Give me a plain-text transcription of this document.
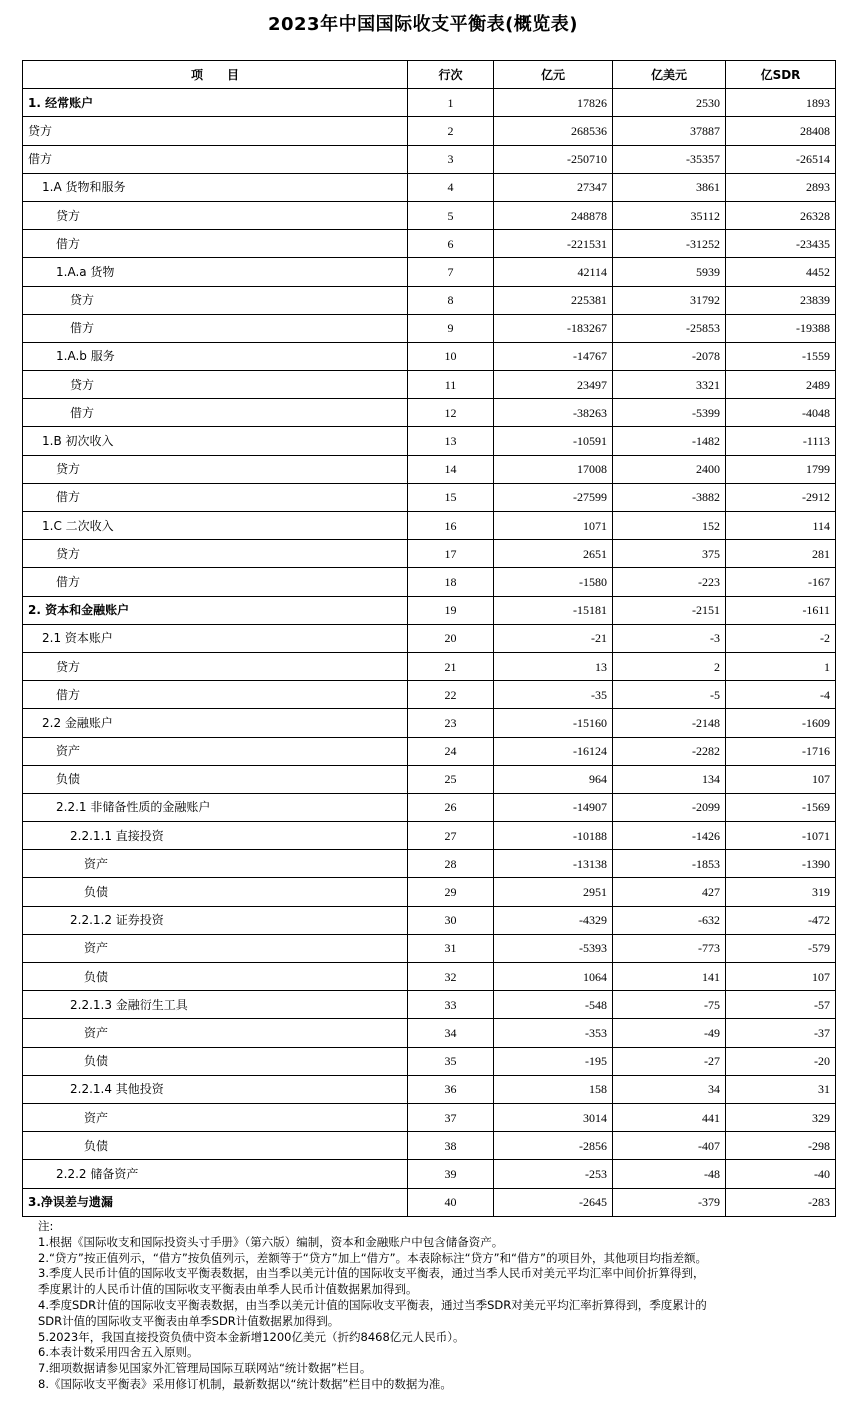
2023年中国国际收支平衡表(概览表)
项　　目	行次	亿元	亿美元	亿SDR
1. 经常账户	1	17826	2530	1893
贷方	2	268536	37887	28408
借方	3	-250710	-35357	-26514
1.A 货物和服务	4	27347	3861	2893
贷方	5	248878	35112	26328
借方	6	-221531	-31252	-23435
1.A.a 货物	7	42114	5939	4452
贷方	8	225381	31792	23839
借方	9	-183267	-25853	-19388
1.A.b 服务	10	-14767	-2078	-1559
贷方	11	23497	3321	2489
借方	12	-38263	-5399	-4048
1.B 初次收入	13	-10591	-1482	-1113
贷方	14	17008	2400	1799
借方	15	-27599	-3882	-2912
1.C 二次收入	16	1071	152	114
贷方	17	2651	375	281
借方	18	-1580	-223	-167
2. 资本和金融账户	19	-15181	-2151	-1611
2.1 资本账户	20	-21	-3	-2
贷方	21	13	2	1
借方	22	-35	-5	-4
2.2 金融账户	23	-15160	-2148	-1609
资产	24	-16124	-2282	-1716
负债	25	964	134	107
2.2.1 非储备性质的金融账户	26	-14907	-2099	-1569
2.2.1.1 直接投资	27	-10188	-1426	-1071
资产	28	-13138	-1853	-1390
负债	29	2951	427	319
2.2.1.2 证券投资	30	-4329	-632	-472
资产	31	-5393	-773	-579
负债	32	1064	141	107
2.2.1.3 金融衍生工具	33	-548	-75	-57
资产	34	-353	-49	-37
负债	35	-195	-27	-20
2.2.1.4 其他投资	36	158	34	31
资产	37	3014	441	329
负债	38	-2856	-407	-298
2.2.2 储备资产	39	-253	-48	-40
3.净误差与遗漏	40	-2645	-379	-283
注:
1.根据《国际收支和国际投资头寸手册》（第六版）编制，资本和金融账户中包含储备资产。
2.“贷方”按正值列示，“借方”按负值列示，差额等于“贷方”加上“借方”。本表除标注“贷方”和“借方”的项目外，其他项目均指差额。
3.季度人民币计值的国际收支平衡表数据，由当季以美元计值的国际收支平衡表，通过当季人民币对美元平均汇率中间价折算得到，
季度累计的人民币计值的国际收支平衡表由单季人民币计值数据累加得到。
4.季度SDR计值的国际收支平衡表数据，由当季以美元计值的国际收支平衡表，通过当季SDR对美元平均汇率折算得到，季度累计的
SDR计值的国际收支平衡表由单季SDR计值数据累加得到。
5.2023年，我国直接投资负债中资本金新增1200亿美元（折约8468亿元人民币）。
6.本表计数采用四舍五入原则。
7.细项数据请参见国家外汇管理局国际互联网站“统计数据”栏目。
8.《国际收支平衡表》采用修订机制，最新数据以“统计数据”栏目中的数据为准。
